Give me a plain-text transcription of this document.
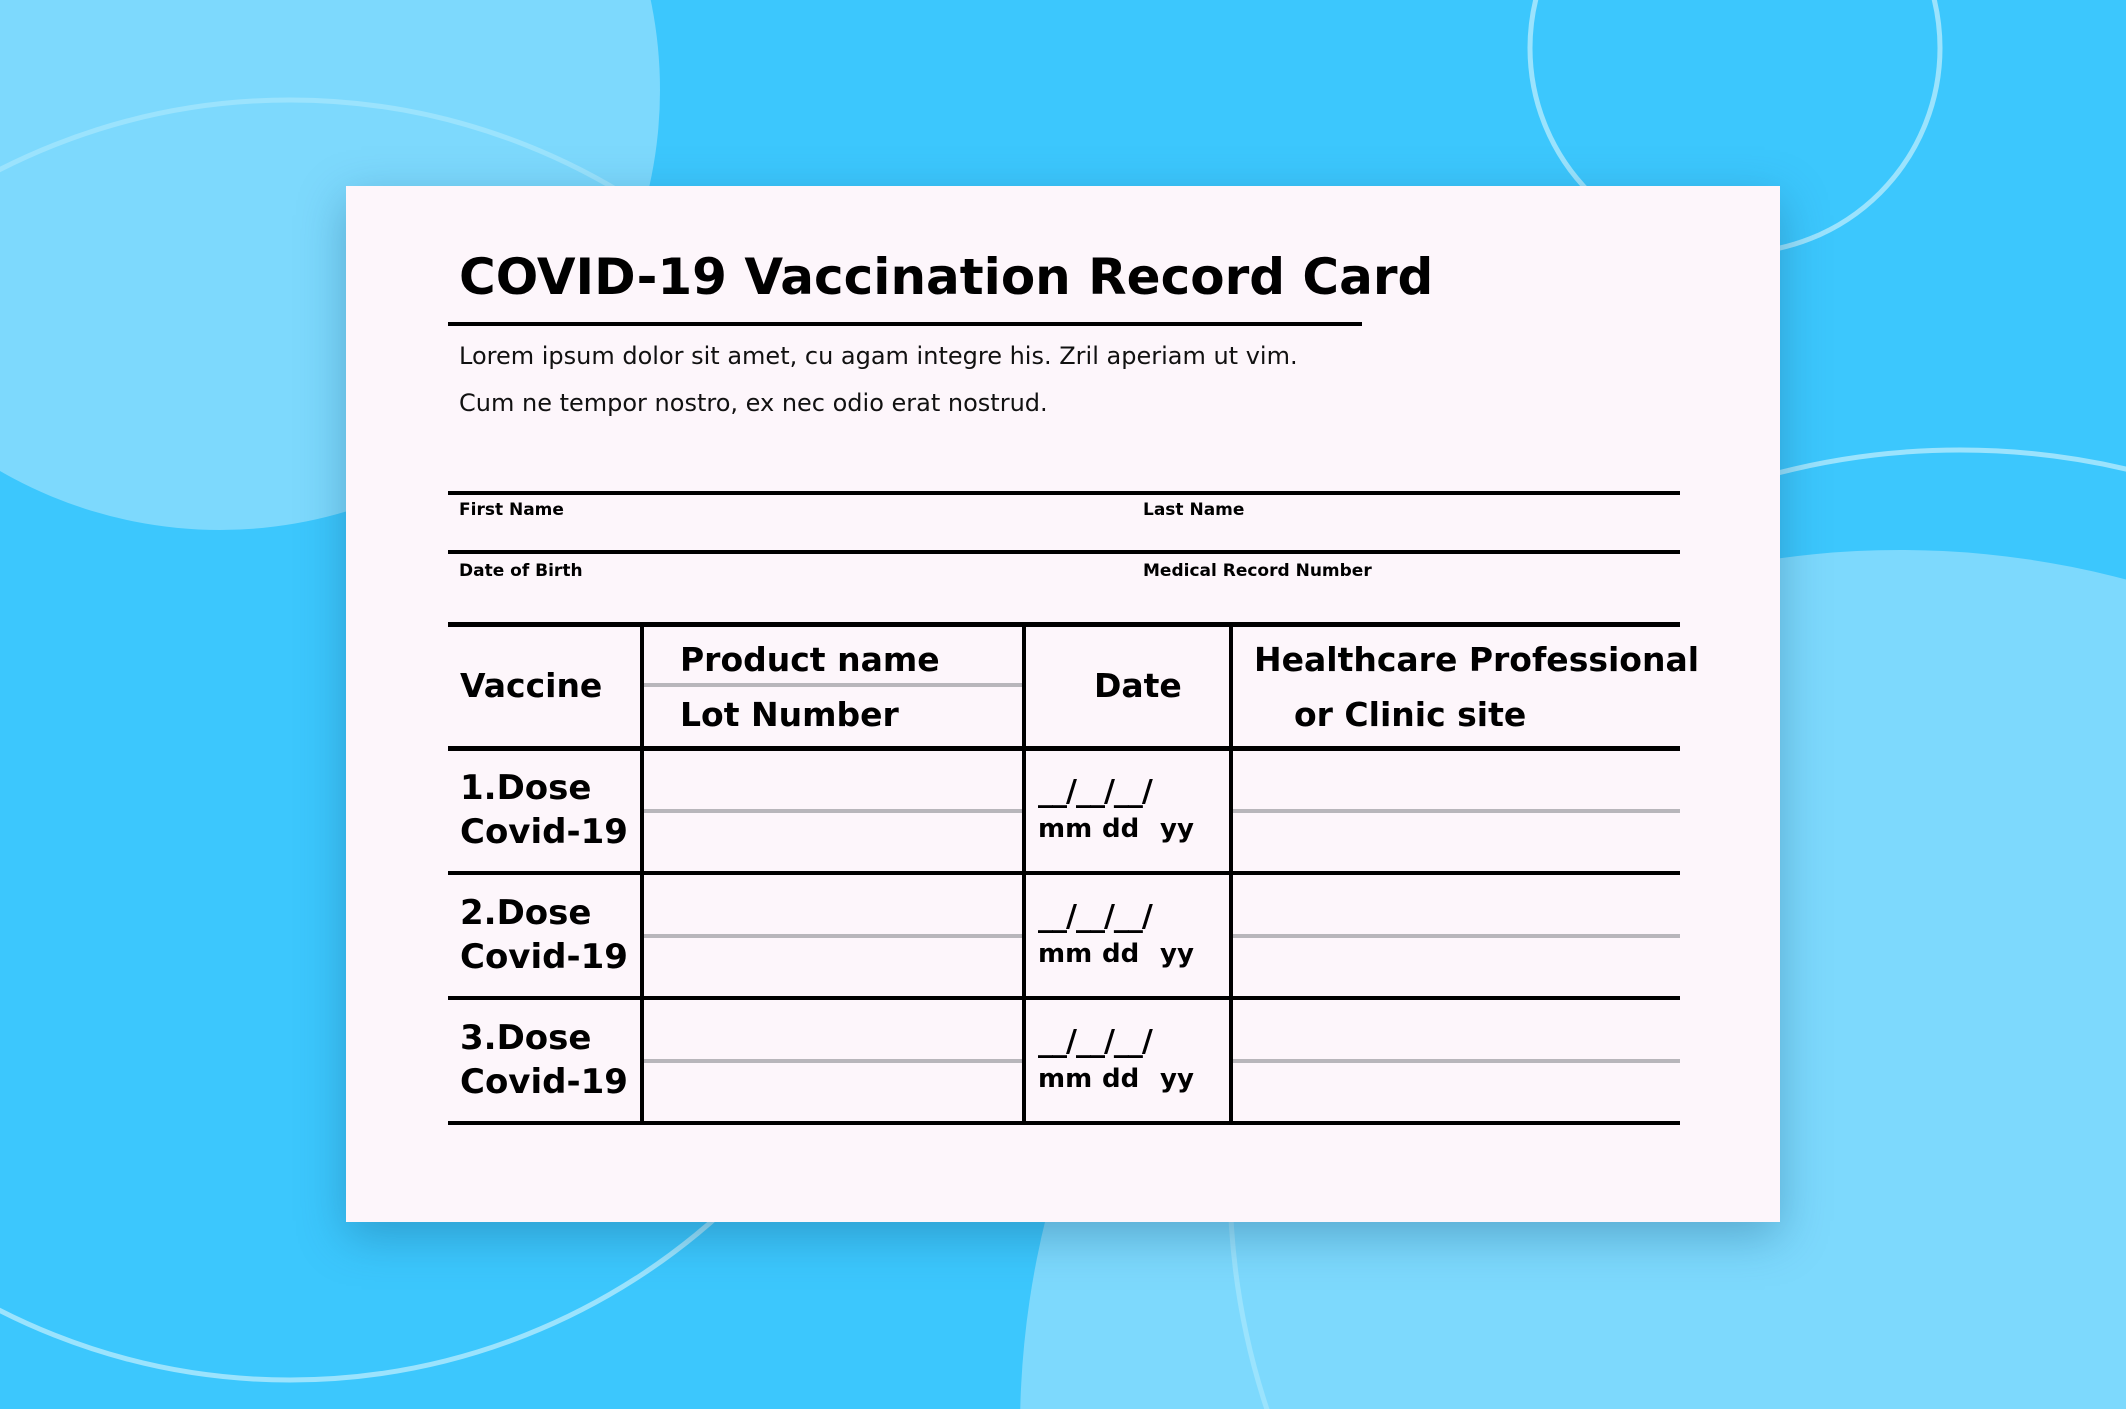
COVID-19 Vaccination Record Card

Lorem ipsum dolor sit amet, cu agam integre his. Zril aperiam ut vim.

Cum ne tempor nostro, ex nec odio erat nostrud.

First Name	Last Name
Date of Birth	Medical Record Number
Vaccine
Product name
Lot Number
Date
Healthcare Professional
or Clinic site
1.Dose
Covid-19
__/__/__/
mm dd yy
2.Dose
Covid-19
__/__/__/
mm dd yy
3.Dose
Covid-19
__/__/__/
mm dd yy
